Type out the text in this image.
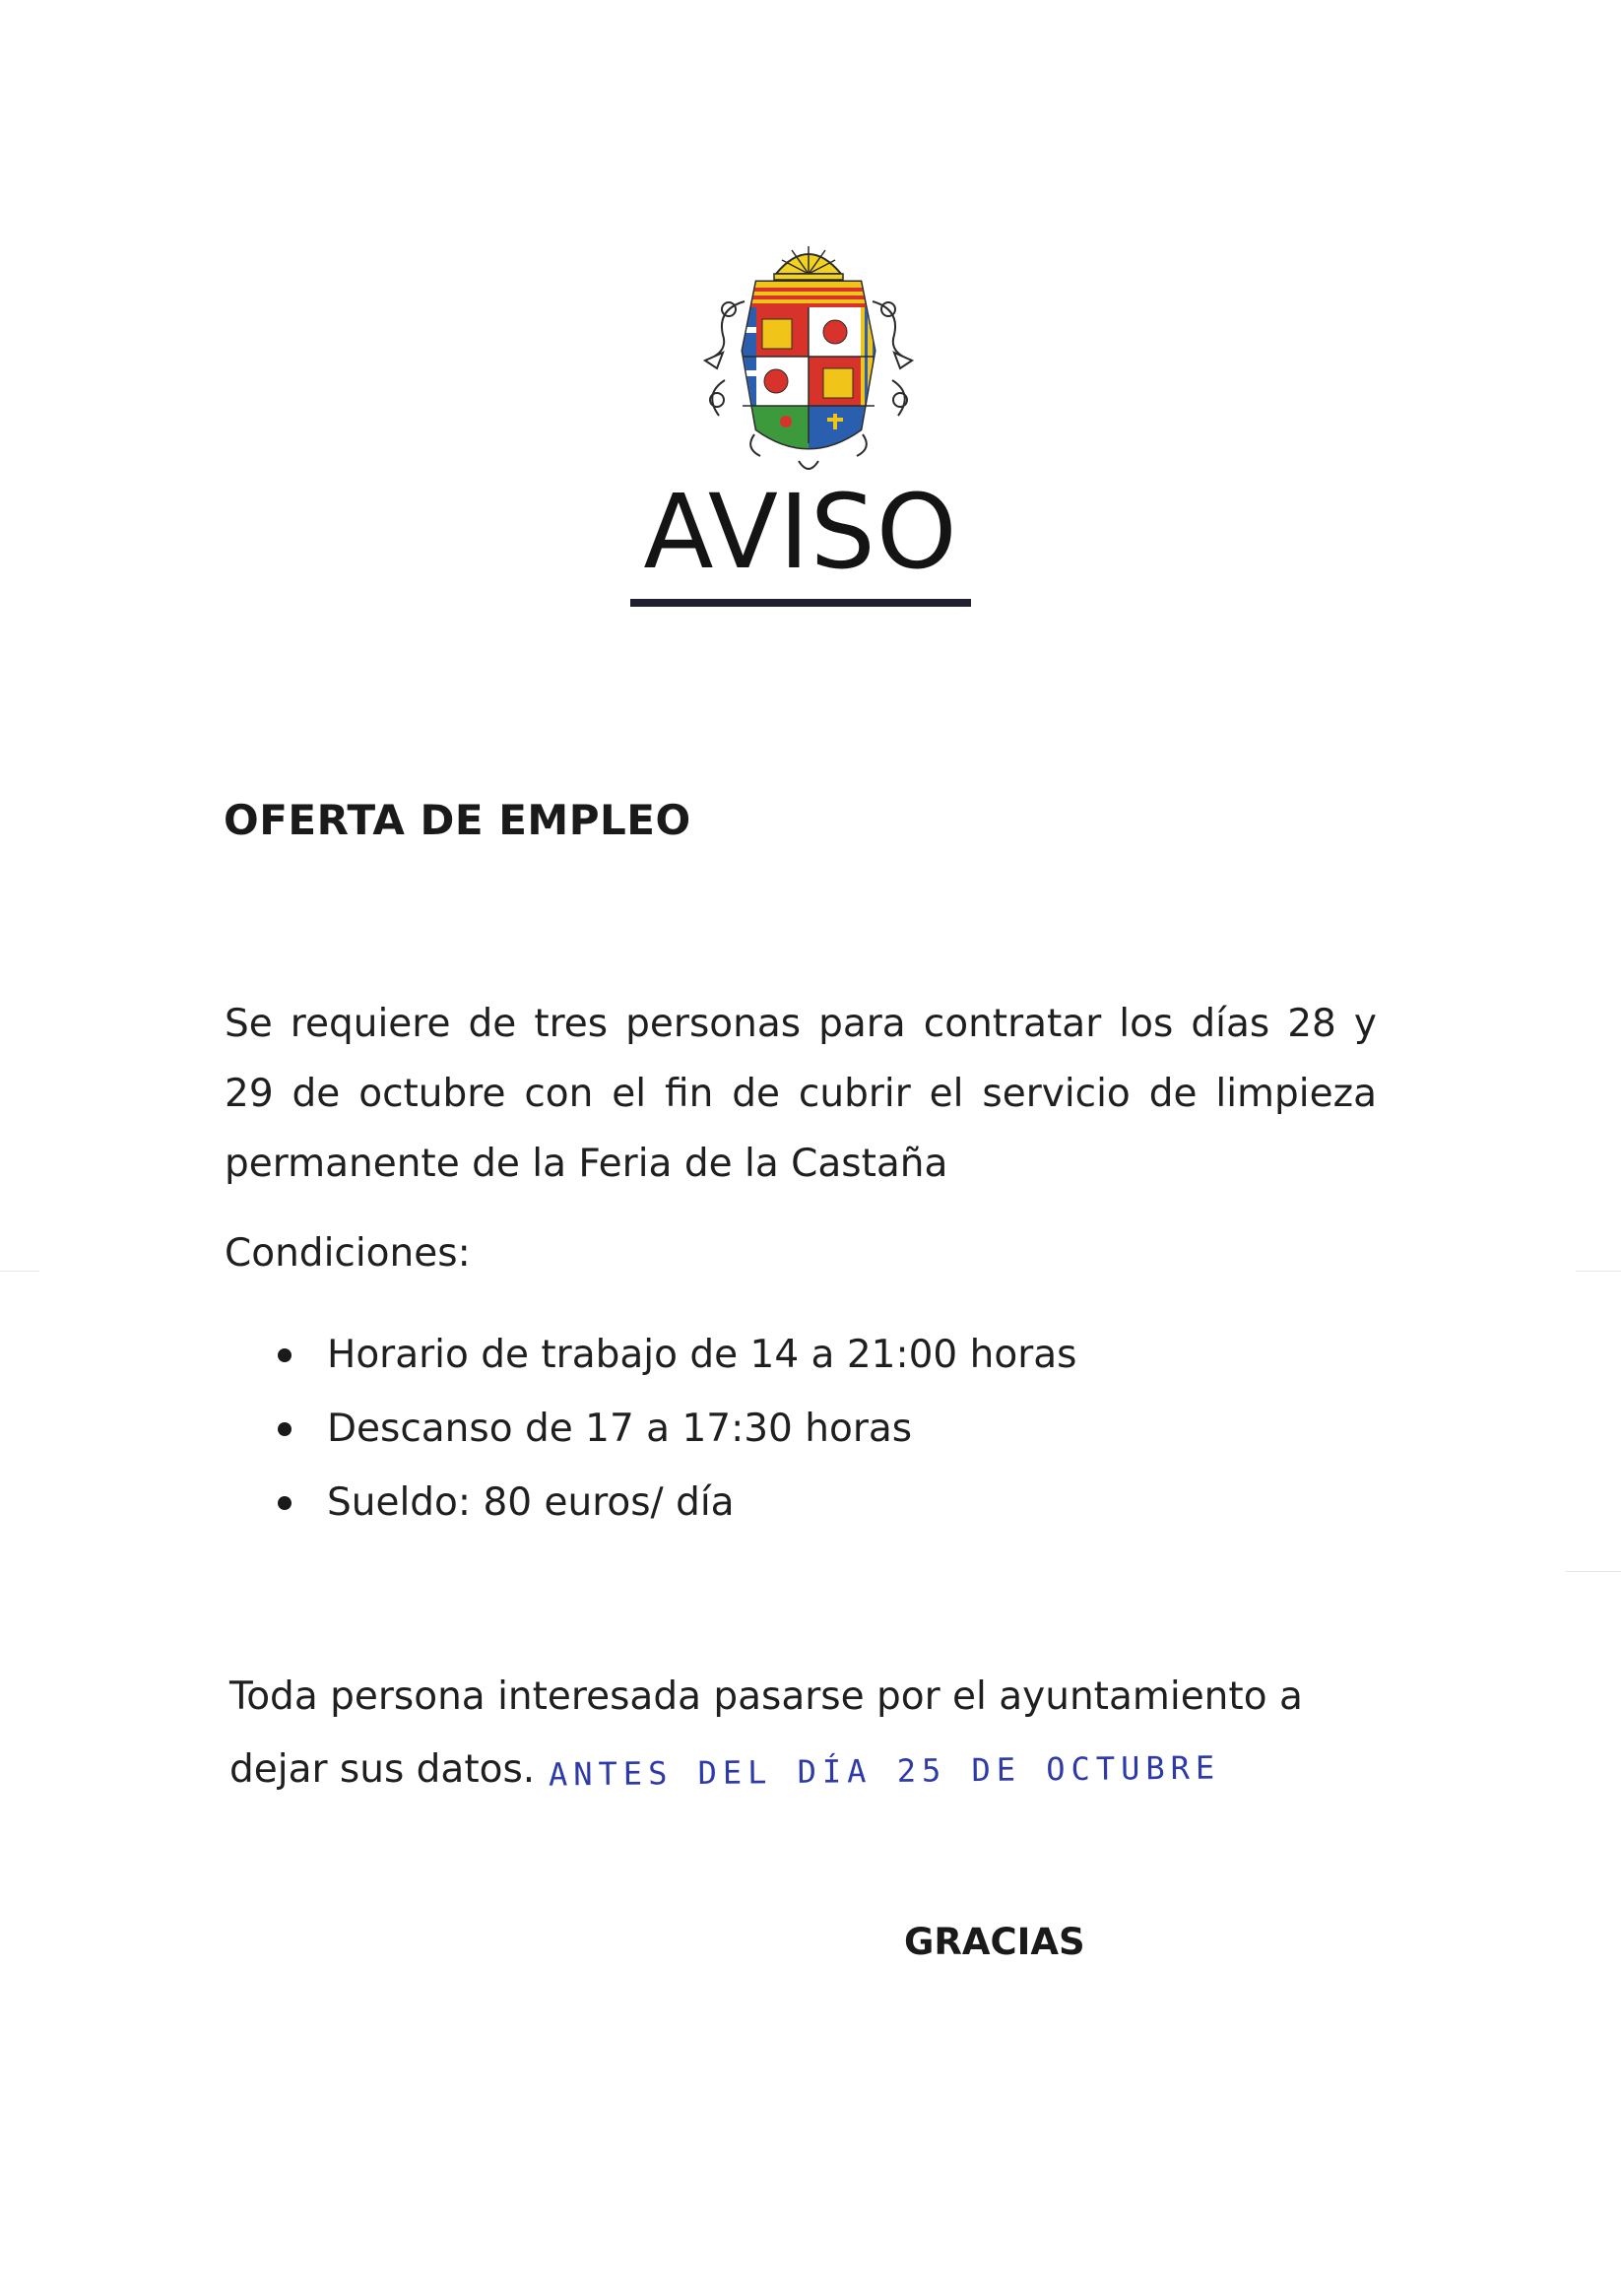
AVISO
OFERTA DE EMPLEO
Se requiere de tres personas para contratar los días 28 y 29 de octubre con el fin de cubrir el servicio de limpieza permanente de la Feria de la Castaña
Condiciones:
Horario de trabajo de 14 a 21:00 horas
Descanso de 17 a 17:30 horas
Sueldo: 80 euros/ día
Toda persona interesada pasarse por el ayuntamiento a dejar sus datos. ANTES DEL DÍA 25 DE OCTUBRE
GRACIAS
